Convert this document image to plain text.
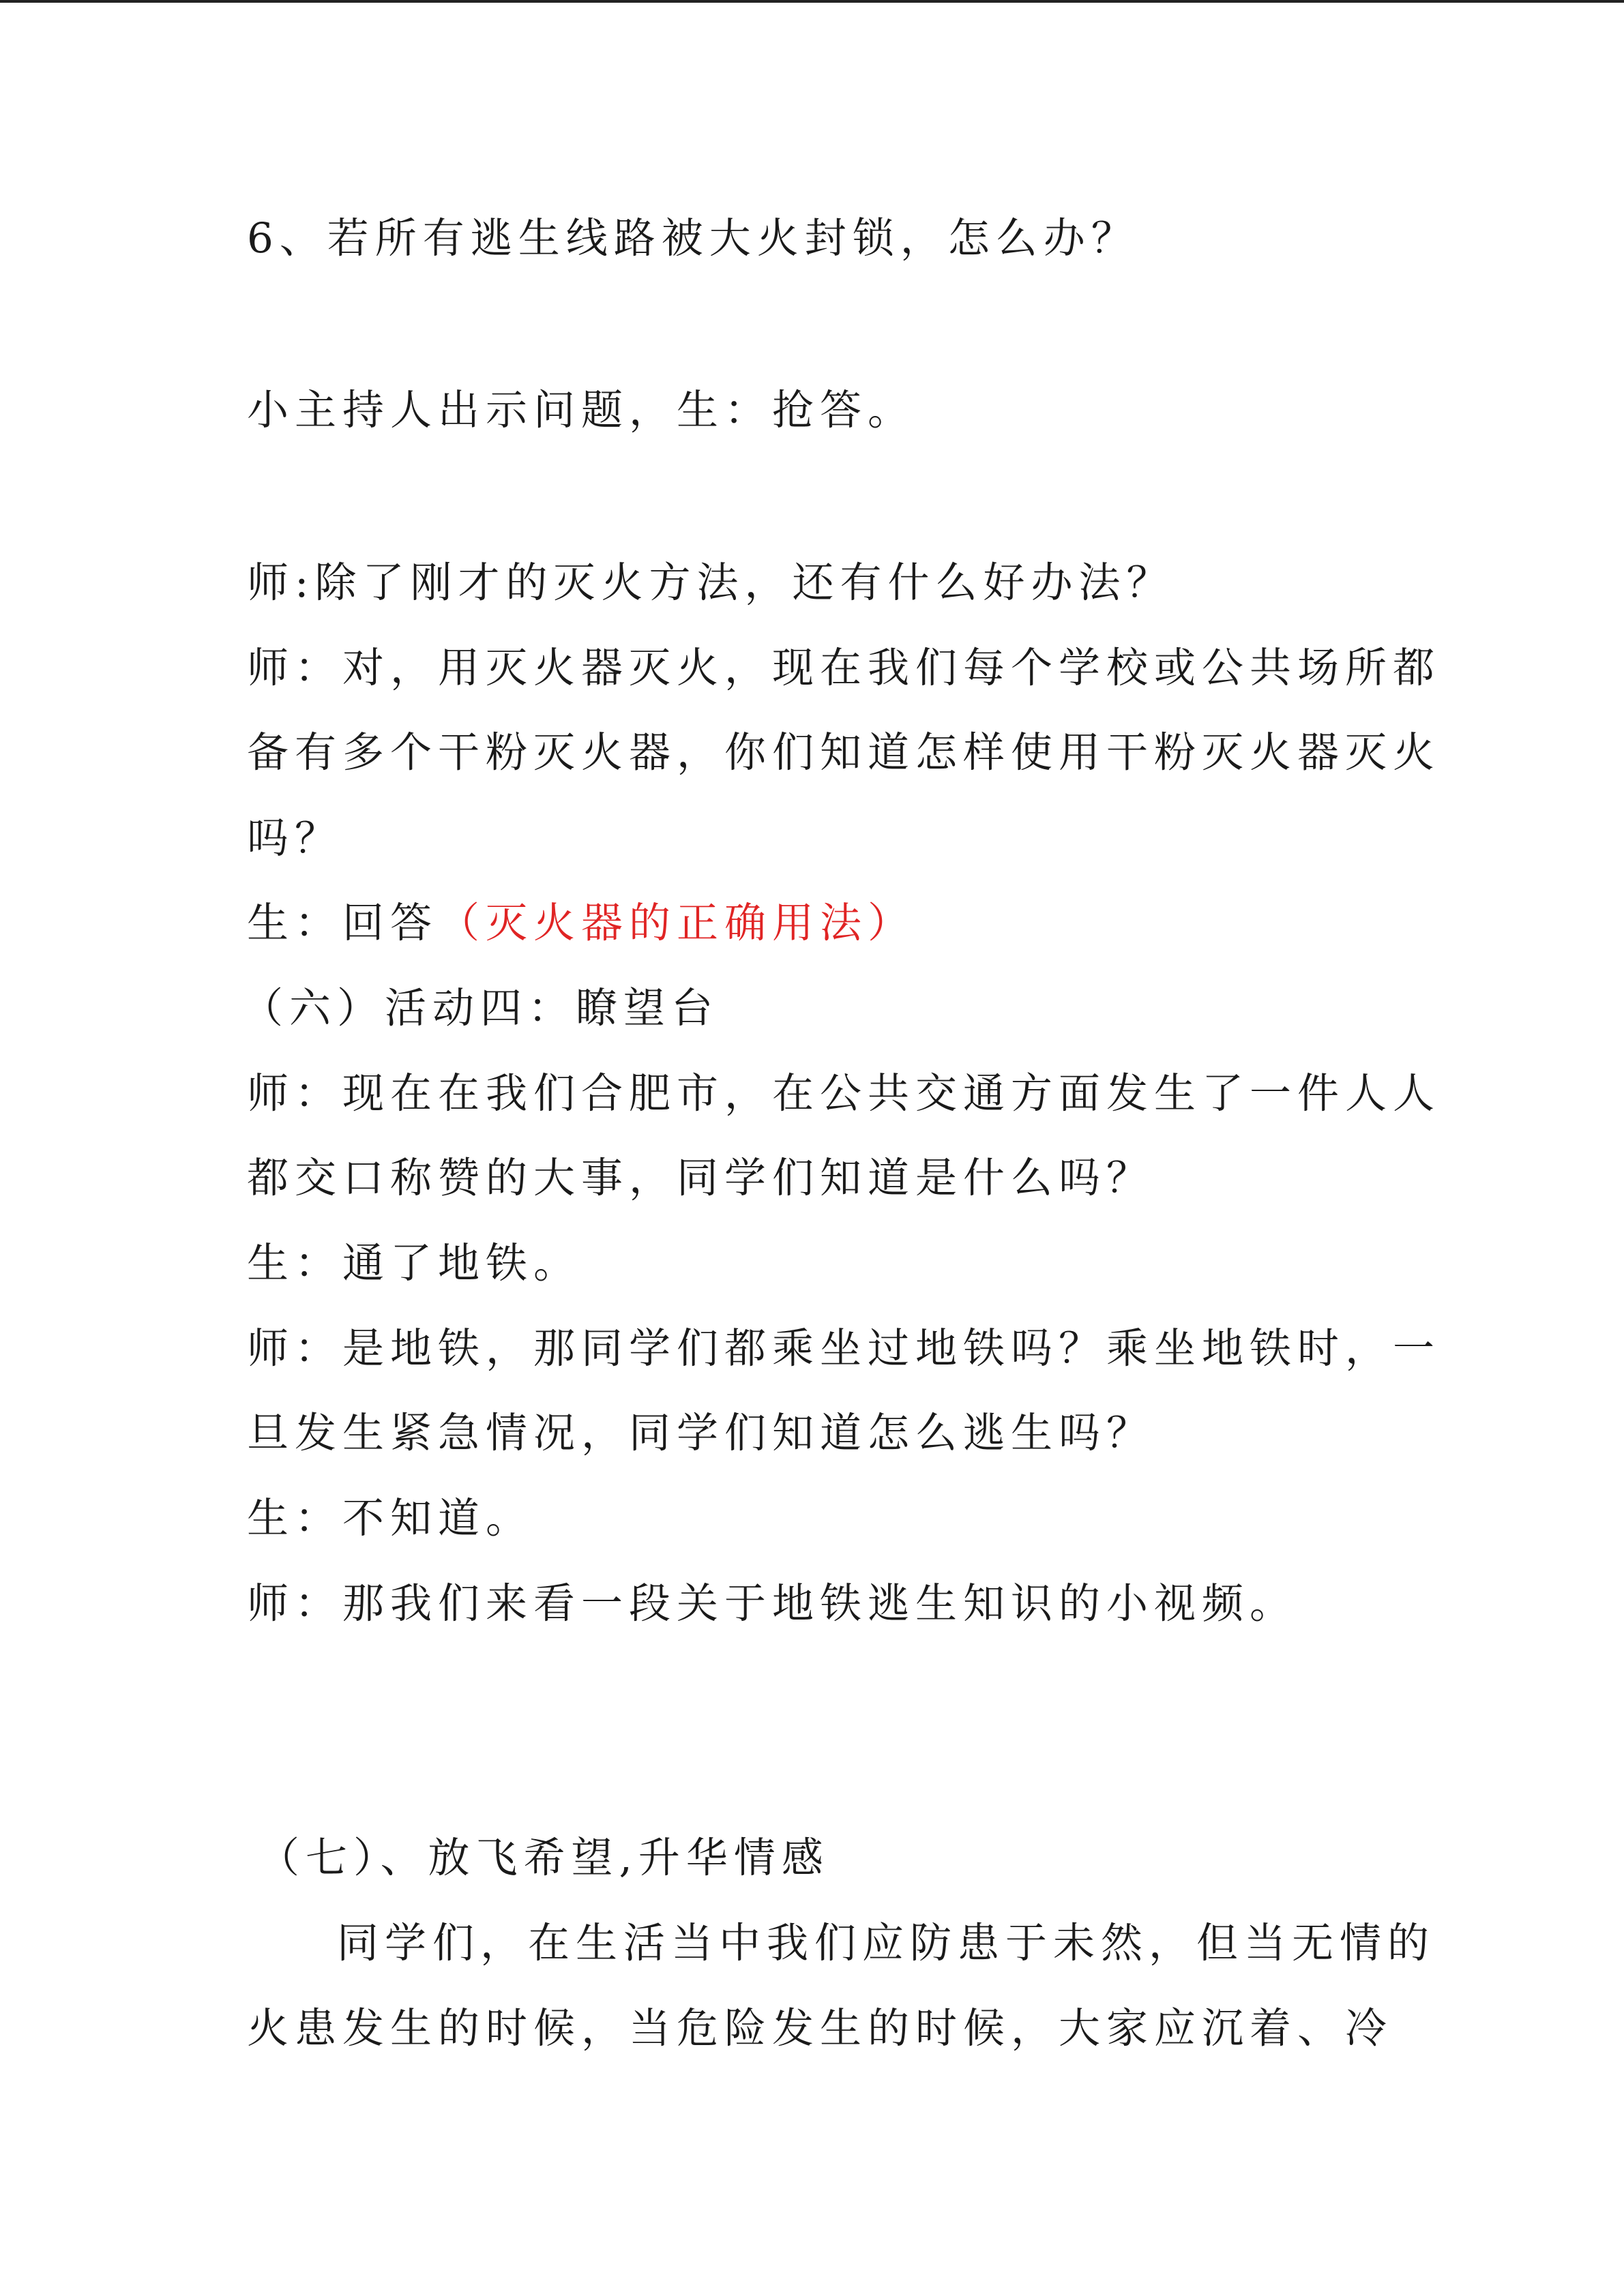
6、若所有逃生线路被大火封锁，怎么办？
小主持人出示问题，生：抢答。
师:除了刚才的灭火方法，还有什么好办法？
师：对，用灭火器灭火，现在我们每个学校或公共场所都
备有多个干粉灭火器，你们知道怎样使用干粉灭火器灭火
吗？
生：回答（灭火器的正确用法）
（六）活动四：瞭望台
师：现在在我们合肥市，在公共交通方面发生了一件人人
都交口称赞的大事，同学们知道是什么吗？
生：通了地铁。
师：是地铁，那同学们都乘坐过地铁吗？乘坐地铁时，一
旦发生紧急情况，同学们知道怎么逃生吗？
生：不知道。
师：那我们来看一段关于地铁逃生知识的小视频。
（七）、放飞希望,升华情感
同学们，在生活当中我们应防患于未然，但当无情的
火患发生的时候，当危险发生的时候，大家应沉着、冷
